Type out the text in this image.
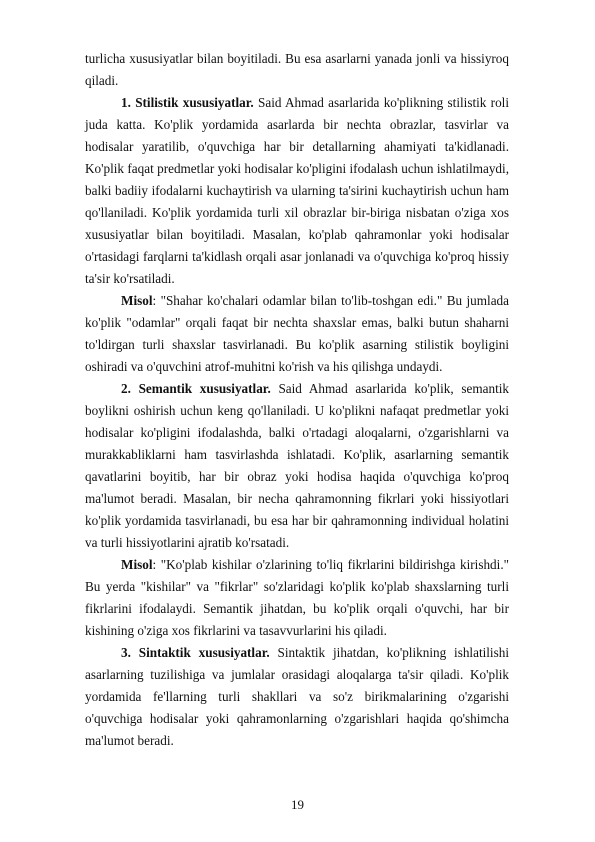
turlicha xususiyatlar bilan boyitiladi. Bu esa asarlarni yanada jonli va hissiyroq qiladi.

1. Stilistik xususiyatlar. Said Ahmad asarlarida ko'plikning stilistik roli juda katta. Ko'plik yordamida asarlarda bir nechta obrazlar, tasvirlar va hodisalar yaratilib, o'quvchiga har bir detallarning ahamiyati ta'kidlanadi. Ko'plik faqat predmetlar yoki hodisalar ko'pligini ifodalash uchun ishlatilmaydi, balki badiiy ifodalarni kuchaytirish va ularning ta'sirini kuchaytirish uchun ham qo'llaniladi. Ko'plik yordamida turli xil obrazlar bir-biriga nisbatan o'ziga xos xususiyatlar bilan boyitiladi. Masalan, ko'plab qahramonlar yoki hodisalar o'rtasidagi farqlarni ta'kidlash orqali asar jonlanadi va o'quvchiga ko'proq hissiy ta'sir ko'rsatiladi.

Misol: "Shahar ko'chalari odamlar bilan to'lib-toshgan edi." Bu jumlada ko'plik "odamlar" orqali faqat bir nechta shaxslar emas, balki butun shaharni to'ldirgan turli shaxslar tasvirlanadi. Bu ko'plik asarning stilistik boyligini oshiradi va o'quvchini atrof-muhitni ko'rish va his qilishga undaydi.

2. Semantik xususiyatlar. Said Ahmad asarlarida ko'plik, semantik boylikni oshirish uchun keng qo'llaniladi. U ko'plikni nafaqat predmetlar yoki hodisalar ko'pligini ifodalashda, balki o'rtadagi aloqalarni, o'zgarishlarni va murakkabliklarni ham tasvirlashda ishlatadi. Ko'plik, asarlarning semantik qavatlarini boyitib, har bir obraz yoki hodisa haqida o'quvchiga ko'proq ma'lumot beradi. Masalan, bir necha qahramonning fikrlari yoki hissiyotlari ko'plik yordamida tasvirlanadi, bu esa har bir qahramonning individual holatini va turli hissiyotlarini ajratib ko'rsatadi.

Misol: "Ko'plab kishilar o'zlarining to'liq fikrlarini bildirishga kirishdi." Bu yerda "kishilar" va "fikrlar" so'zlaridagi ko'plik ko'plab shaxslarning turli fikrlarini ifodalaydi. Semantik jihatdan, bu ko'plik orqali o'quvchi, har bir kishining o'ziga xos fikrlarini va tasavvurlarini his qiladi.

3. Sintaktik xususiyatlar. Sintaktik jihatdan, ko'plikning ishlatilishi asarlarning tuzilishiga va jumlalar orasidagi aloqalarga ta'sir qiladi. Ko'plik yordamida fe'llarning turli shakllari va so'z birikmalarining o'zgarishi o'quvchiga hodisalar yoki qahramonlarning o'zgarishlari haqida qo'shimcha ma'lumot beradi.

19
